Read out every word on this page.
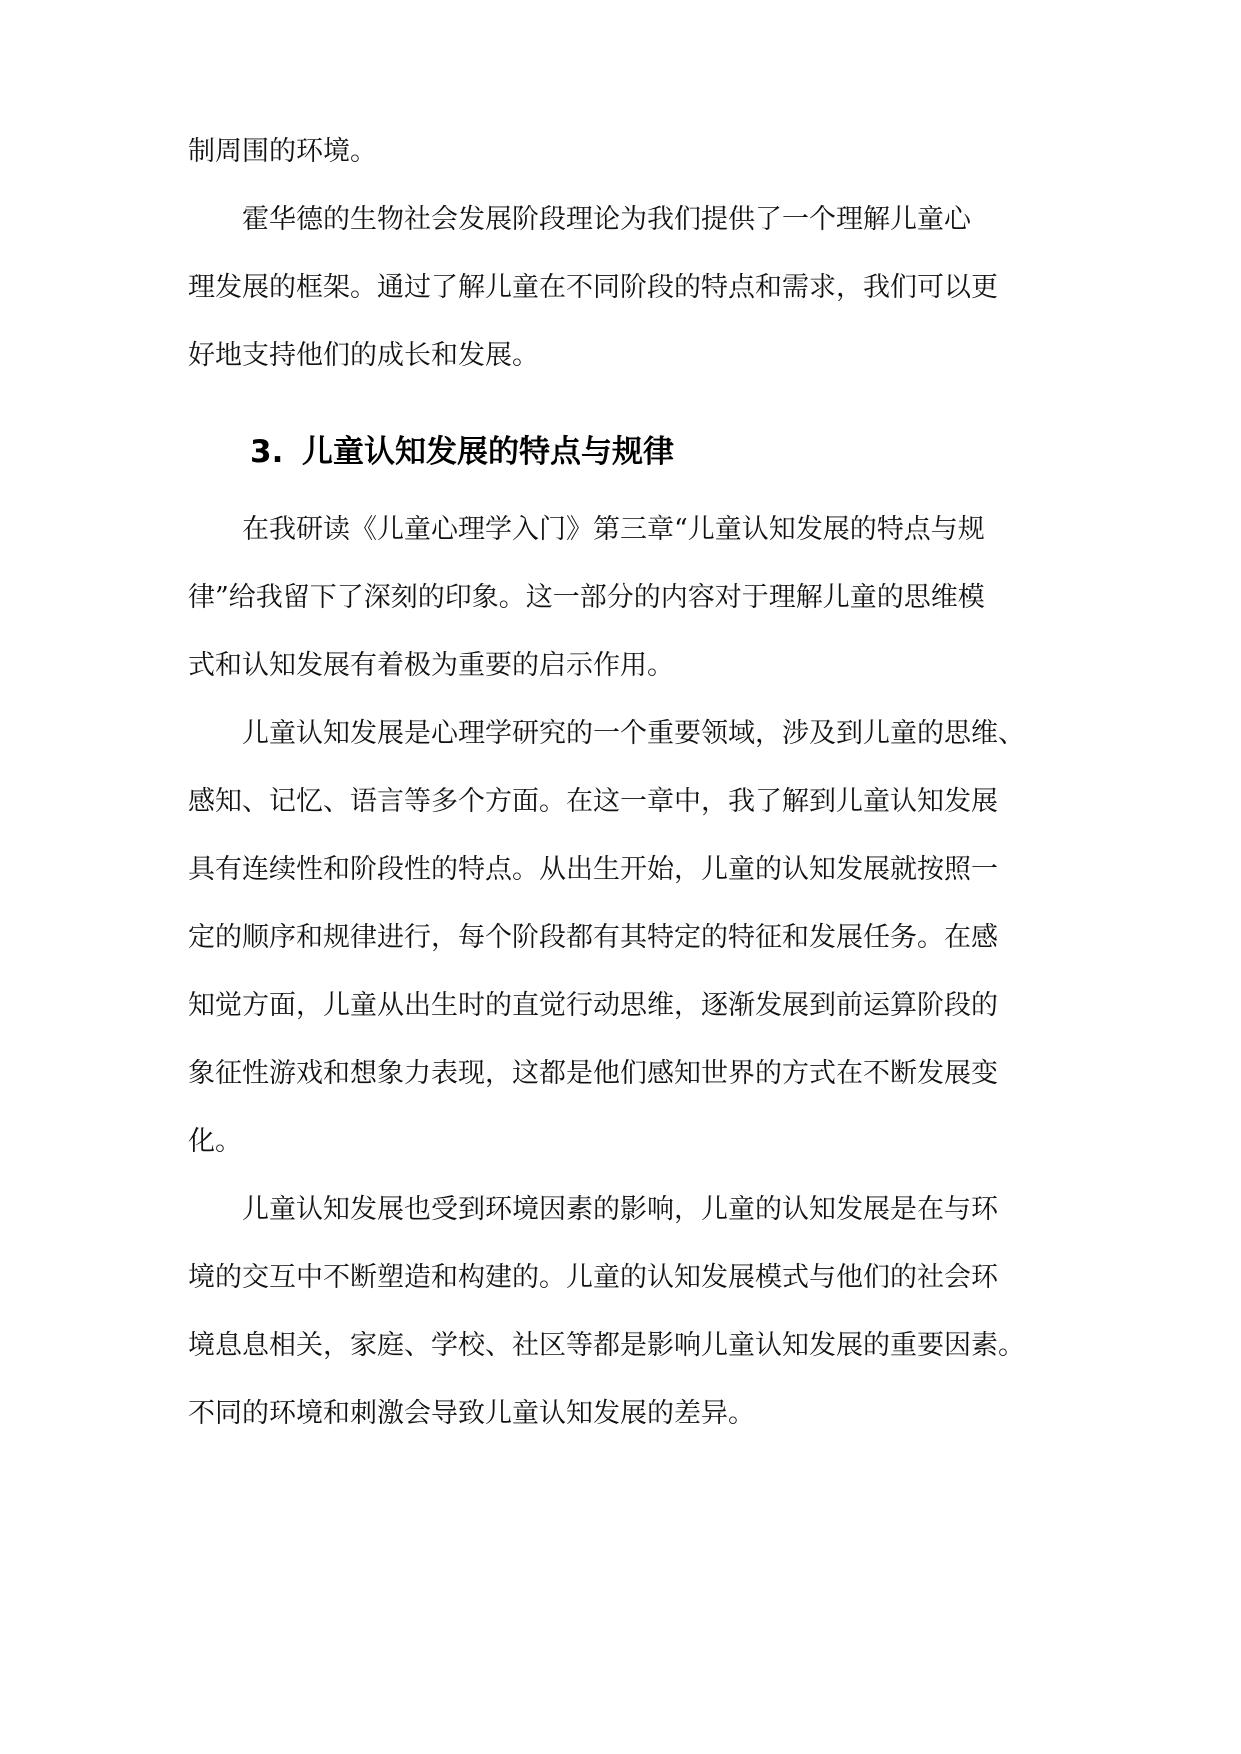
制周围的环境。
　　霍华德的生物社会发展阶段理论为我们提供了一个理解儿童心
理发展的框架。通过了解儿童在不同阶段的特点和需求，我们可以更
好地支持他们的成长和发展。
3. 儿童认知发展的特点与规律
　　在我研读《儿童心理学入门》第三章“儿童认知发展的特点与规
律”给我留下了深刻的印象。这一部分的内容对于理解儿童的思维模
式和认知发展有着极为重要的启示作用。
　　儿童认知发展是心理学研究的一个重要领域，涉及到儿童的思维、
感知、记忆、语言等多个方面。在这一章中，我了解到儿童认知发展
具有连续性和阶段性的特点。从出生开始，儿童的认知发展就按照一
定的顺序和规律进行，每个阶段都有其特定的特征和发展任务。在感
知觉方面，儿童从出生时的直觉行动思维，逐渐发展到前运算阶段的
象征性游戏和想象力表现，这都是他们感知世界的方式在不断发展变
化。
　　儿童认知发展也受到环境因素的影响，儿童的认知发展是在与环
境的交互中不断塑造和构建的。儿童的认知发展模式与他们的社会环
境息息相关，家庭、学校、社区等都是影响儿童认知发展的重要因素。
不同的环境和刺激会导致儿童认知发展的差异。
